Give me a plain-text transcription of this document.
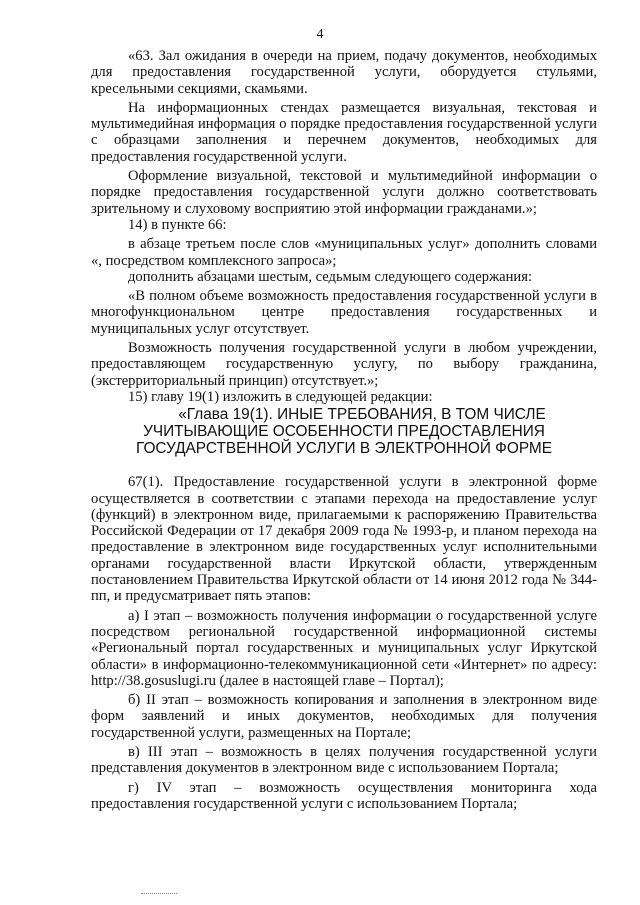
4

«63. Зал ожидания в очереди на прием, подачу документов, необходимых для предоставления государственной услуги, оборудуется стульями, кресельными секциями, скамьями.

На информационных стендах размещается визуальная, текстовая и мультимедийная информация о порядке предоставления государственной услуги с образцами заполнения и перечнем документов, необходимых для предоставления государственной услуги.

Оформление визуальной, текстовой и мультимедийной информации о порядке предоставления государственной услуги должно соответствовать зрительному и слуховому восприятию этой информации гражданами.»;

14) в пункте 66:

в абзаце третьем после слов «муниципальных услуг» дополнить словами «, посредством комплексного запроса»;

дополнить абзацами шестым, седьмым следующего содержания:

«В полном объеме возможность предоставления государственной услуги в многофункциональном центре предоставления государственных и муниципальных услуг отсутствует.

Возможность получения государственной услуги в любом учреждении, предоставляющем государственную услугу, по выбору гражданина, (экстерриториальный принцип) отсутствует.»;

15) главу 19(1) изложить в следующей редакции:

«Глава 19(1). ИНЫЕ ТРЕБОВАНИЯ, В ТОМ ЧИСЛЕ
УЧИТЫВАЮЩИЕ ОСОБЕННОСТИ ПРЕДОСТАВЛЕНИЯ
ГОСУДАРСТВЕННОЙ УСЛУГИ В ЭЛЕКТРОННОЙ ФОРМЕ

67(1). Предоставление государственной услуги в электронной форме осуществляется в соответствии с этапами перехода на предоставление услуг (функций) в электронном виде, прилагаемыми к распоряжению Правительства Российской Федерации от 17 декабря 2009 года № 1993-р, и планом перехода на предоставление в электронном виде государственных услуг исполнительными органами государственной власти Иркутской области, утвержденным постановлением Правительства Иркутской области от 14 июня 2012 года № 344-пп, и предусматривает пять этапов:

а) I этап – возможность получения информации о государственной услуге посредством региональной государственной информационной системы «Региональный портал государственных и муниципальных услуг Иркутской области» в информационно-телекоммуникационной сети «Интернет» по адресу: http://38.gosuslugi.ru (далее в настоящей главе – Портал);

б) II этап – возможность копирования и заполнения в электронном виде форм заявлений и иных документов, необходимых для получения государственной услуги, размещенных на Портале;

в) III этап – возможность в целях получения государственной услуги представления документов в электронном виде с использованием Портала;

г) IV этап – возможность осуществления мониторинга хода предоставления государственной услуги с использованием Портала;
